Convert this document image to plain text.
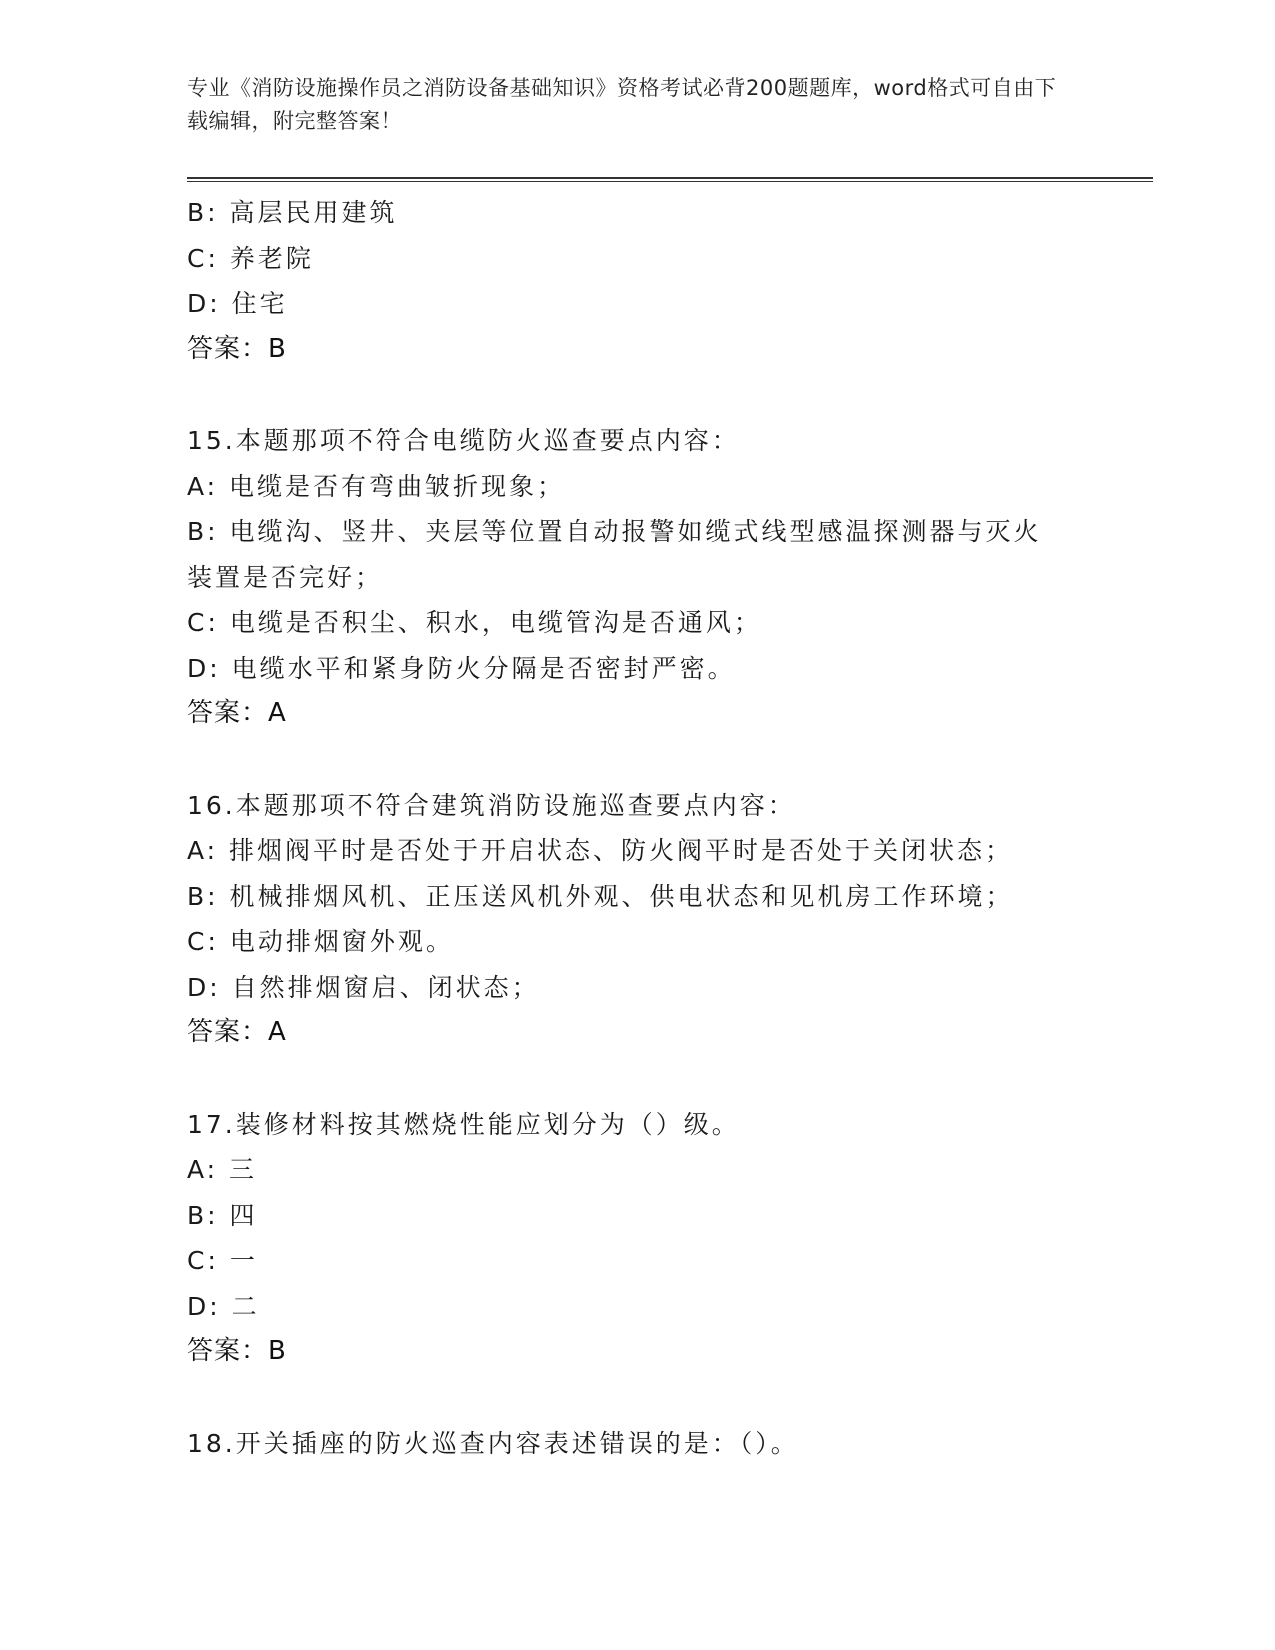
专业《消防设施操作员之消防设备基础知识》资格考试必背200题题库，word格式可自由下载编辑，附完整答案！
B: 高层民用建筑
C: 养老院
D: 住宅
答案：B
15.本题那项不符合电缆防火巡查要点内容：
A: 电缆是否有弯曲皱折现象；
B: 电缆沟、竖井、夹层等位置自动报警如缆式线型感温探测器与灭火装置是否完好；
C: 电缆是否积尘、积水，电缆管沟是否通风；
D: 电缆水平和紧身防火分隔是否密封严密。
答案：A
16.本题那项不符合建筑消防设施巡查要点内容：
A: 排烟阀平时是否处于开启状态、防火阀平时是否处于关闭状态；
B: 机械排烟风机、正压送风机外观、供电状态和见机房工作环境；
C: 电动排烟窗外观。
D: 自然排烟窗启、闭状态；
答案：A
17.装修材料按其燃烧性能应划分为（）级。
A: 三
B: 四
C: 一
D: 二
答案：B
18.开关插座的防火巡查内容表述错误的是：（）。
